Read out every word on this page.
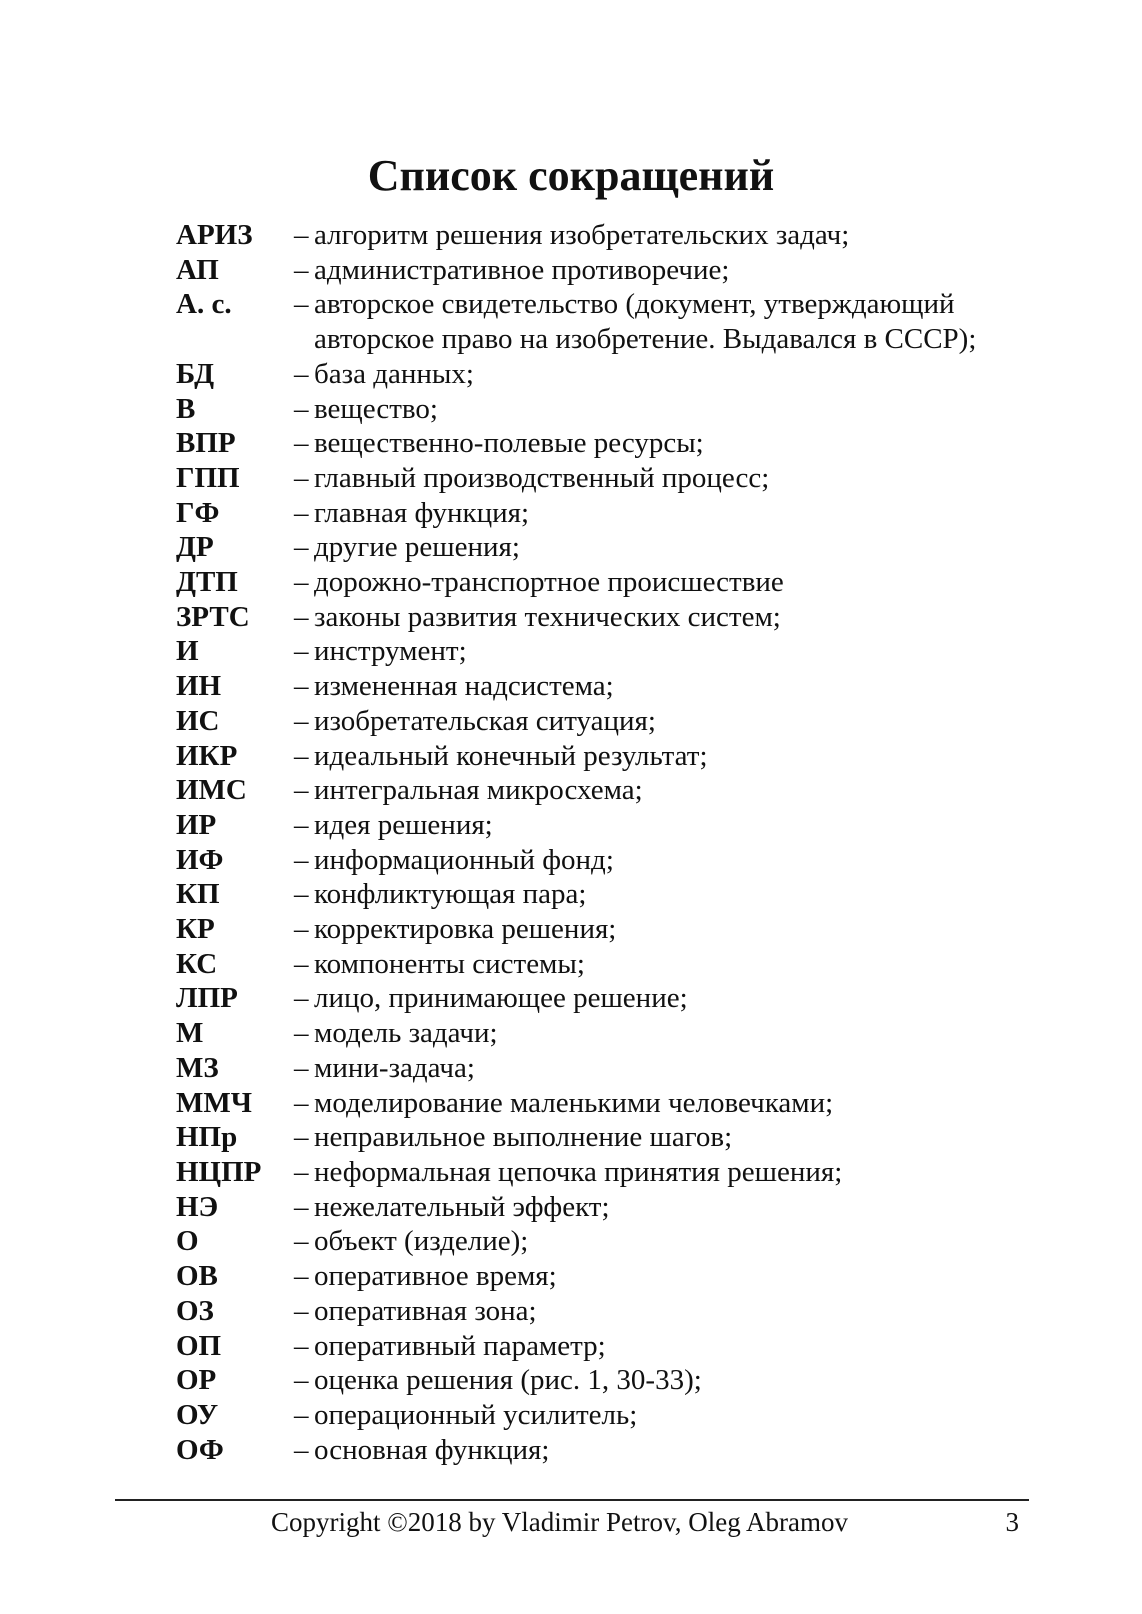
Список сокращений
АРИЗ	– алгоритм решения изобретательских задач;
АП	– административное противоречие;
А. с.	– авторское свидетельство (документ, утверждающий авторское право на изобретение. Выдавался в СССР);
БД	– база данных;
В	– вещество;
ВПР	– вещественно-полевые ресурсы;
ГПП	– главный производственный процесс;
ГФ	– главная функция;
ДР	– другие решения;
ДТП	– дорожно-транспортное происшествие
ЗРТС	– законы развития технических систем;
И	– инструмент;
ИН	– измененная надсистема;
ИС	– изобретательская ситуация;
ИКР	– идеальный конечный результат;
ИМС	– интегральная микросхема;
ИР	– идея решения;
ИФ	– информационный фонд;
КП	– конфликтующая пара;
КР	– корректировка решения;
КС	– компоненты системы;
ЛПР	– лицо, принимающее решение;
М	– модель задачи;
МЗ	– мини-задача;
ММЧ	– моделирование маленькими человечками;
НПр	– неправильное выполнение шагов;
НЦПР	– неформальная цепочка принятия решения;
НЭ	– нежелательный эффект;
О	– объект (изделие);
ОВ	– оперативное время;
ОЗ	– оперативная зона;
ОП	– оперативный параметр;
ОР	– оценка решения (рис. 1, 30-33);
ОУ	– операционный усилитель;
ОФ	– основная функция;
Copyright ©2018 by Vladimir Petrov, Oleg Abramov	3
